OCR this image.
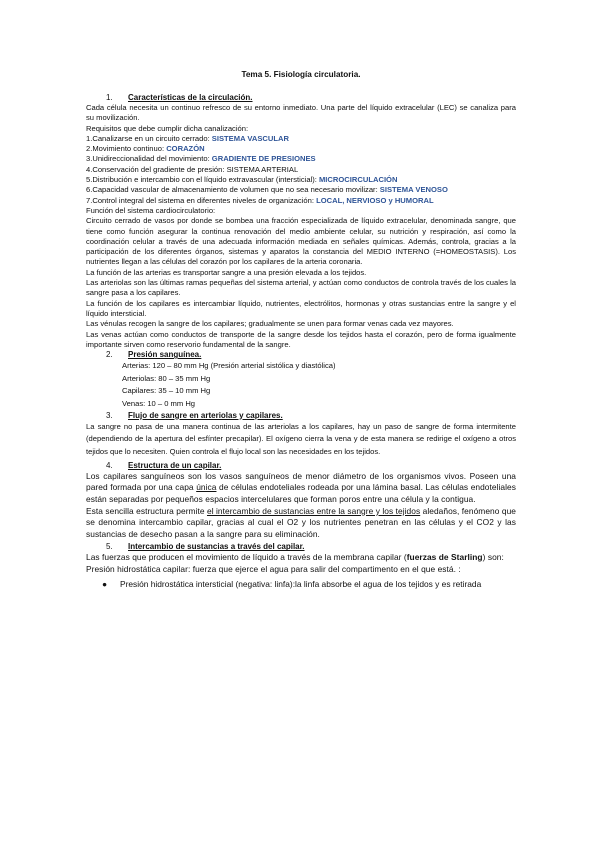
Tema 5. Fisiología circulatoria.

1. Características de la circulación.

Cada célula necesita un continuo refresco de su entorno inmediato. Una parte del líquido extracelular (LEC) se canaliza para su movilización.

Requisitos que debe cumplir dicha canalización:

1.Canalizarse en un circuito cerrado: SISTEMA VASCULAR

2.Movimiento continuo: CORAZÓN

3.Unidireccionalidad del movimiento: GRADIENTE DE PRESIONES

4.Conservación del gradiente de presión: SISTEMA ARTERIAL

5.Distribución e intercambio con el líquido extravascular (intersticial): MICROCIRCULACIÓN

6.Capacidad vascular de almacenamiento de volumen que no sea necesario movilizar: SISTEMA VENOSO

7.Control integral del sistema en diferentes niveles de organización: LOCAL, NERVIOSO y HUMORAL

Función del sistema cardiocirculatorio:

Circuito cerrado de vasos por donde se bombea una fracción especializada de líquido extracelular, denominada sangre, que tiene como función asegurar la continua renovación del medio ambiente celular, su nutrición y respiración, así como la coordinación celular a través de una adecuada información mediada en señales químicas. Además, controla, gracias a la participación de los diferentes órganos, sistemas y aparatos la constancia del MEDIO INTERNO (=HOMEOSTASIS). Los nutrientes llegan a las células del corazón por los capilares de la arteria coronaria.

La función de las arterias es transportar sangre a una presión elevada a los tejidos.

Las arteriolas son las últimas ramas pequeñas del sistema arterial, y actúan como conductos de controla través de los cuales la sangre pasa a los capilares.

La función de los capilares es intercambiar líquido, nutrientes, electrólitos, hormonas y otras sustancias entre la sangre y el líquido intersticial.

Las vénulas recogen la sangre de los capilares; gradualmente se unen para formar venas cada vez mayores.

Las venas actúan como conductos de transporte de la sangre desde los tejidos hasta el corazón, pero de forma igualmente importante sirven como reservorio fundamental de la sangre.

2. Presión sanguínea.

Arterias: 120 – 80 mm Hg (Presión arterial sistólica y diastólica)

Arteriolas: 80 – 35 mm Hg

Capilares: 35 – 10 mm Hg

Venas: 10 – 0 mm Hg

3. Flujo de sangre en arteriolas y capilares.

La sangre no pasa de una manera continua de las arteriolas a los capilares, hay un paso de sangre de forma intermitente (dependiendo de la apertura del esfínter precapilar). El oxígeno cierra la vena y de esta manera se redirige el oxígeno a otros tejidos que lo necesiten. Quien controla el flujo local son las necesidades en los tejidos.

4. Estructura de un capilar.

Los capilares sanguíneos son los vasos sanguíneos de menor diámetro de los organismos vivos. Poseen una pared formada por una capa única de células endoteliales rodeada por una lámina basal. Las células endoteliales están separadas por pequeños espacios intercelulares que forman poros entre una célula y la contigua.

Esta sencilla estructura permite el intercambio de sustancias entre la sangre y los tejidos aledaños, fenómeno que se denomina intercambio capilar, gracias al cual el O2 y los nutrientes penetran en las células y el CO2 y las sustancias de desecho pasan a la sangre para su eliminación.

5. Intercambio de sustancias a través del capilar.

Las fuerzas que producen el movimiento de líquido a través de la membrana capilar (fuerzas de Starling) son:

Presión hidrostática capilar: fuerza que ejerce el agua para salir del compartimento en el que está. :

● Presión hidrostática intersticial (negativa: linfa):la linfa absorbe el agua de los tejidos y es retirada
